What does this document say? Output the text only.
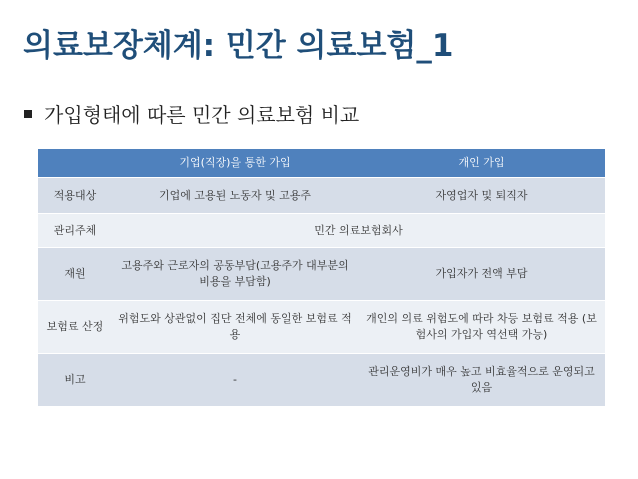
의료보장체계: 민간 의료보험_1
가입형태에 따른 민간 의료보험 비교
	기업(직장)을 통한 가입	개인 가입
적용대상	기업에 고용된 노동자 및 고용주	자영업자 및 퇴직자
관리주체	민간 의료보험회사	
재원	고용주와 근로자의 공동부담(고용주가 대부분의 비용을 부담함)	가입자가 전액 부담
보험료 산정	위험도와 상관없이 집단 전체에 동일한 보험료 적용	개인의 의료 위험도에 따라 차등 보험료 적용 (보험사의 가입자 역선택 가능)
비고	-	관리운영비가 매우 높고 비효율적으로 운영되고 있음
